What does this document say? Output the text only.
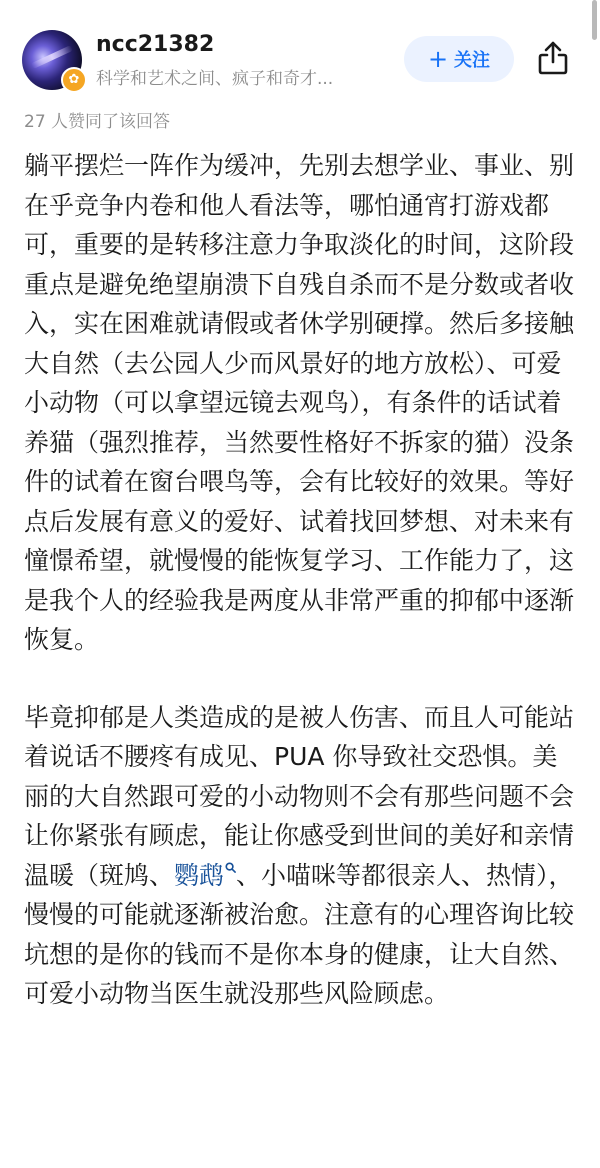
✿
ncc21382
科学和艺术之间、疯子和奇才...
+ 关注
27 人赞同了该回答

躺平摆烂一阵作为缓冲，先别去想学业、事业、别在乎竞争内卷和他人看法等，哪怕通宵打游戏都可，重要的是转移注意力争取淡化的时间，这阶段重点是避免绝望崩溃下自残自杀而不是分数或者收入，实在困难就请假或者休学别硬撑。然后多接触大自然（去公园人少而风景好的地方放松）、可爱小动物（可以拿望远镜去观鸟），有条件的话试着养猫（强烈推荐，当然要性格好不拆家的猫）没条件的试着在窗台喂鸟等，会有比较好的效果。等好点后发展有意义的爱好、试着找回梦想、对未来有憧憬希望，就慢慢的能恢复学习、工作能力了，这是我个人的经验我是两度从非常严重的抑郁中逐渐恢复。

毕竟抑郁是人类造成的是被人伤害、而且人可能站着说话不腰疼有成见、PUA 你导致社交恐惧。美丽的大自然跟可爱的小动物则不会有那些问题不会让你紧张有顾虑，能让你感受到世间的美好和亲情温暖（斑鸠、鹦鹉 、小喵咪等都很亲人、热情），慢慢的可能就逐渐被治愈。注意有的心理咨询比较坑想的是你的钱而不是你本身的健康，让大自然、可爱小动物当医生就没那些风险顾虑。
